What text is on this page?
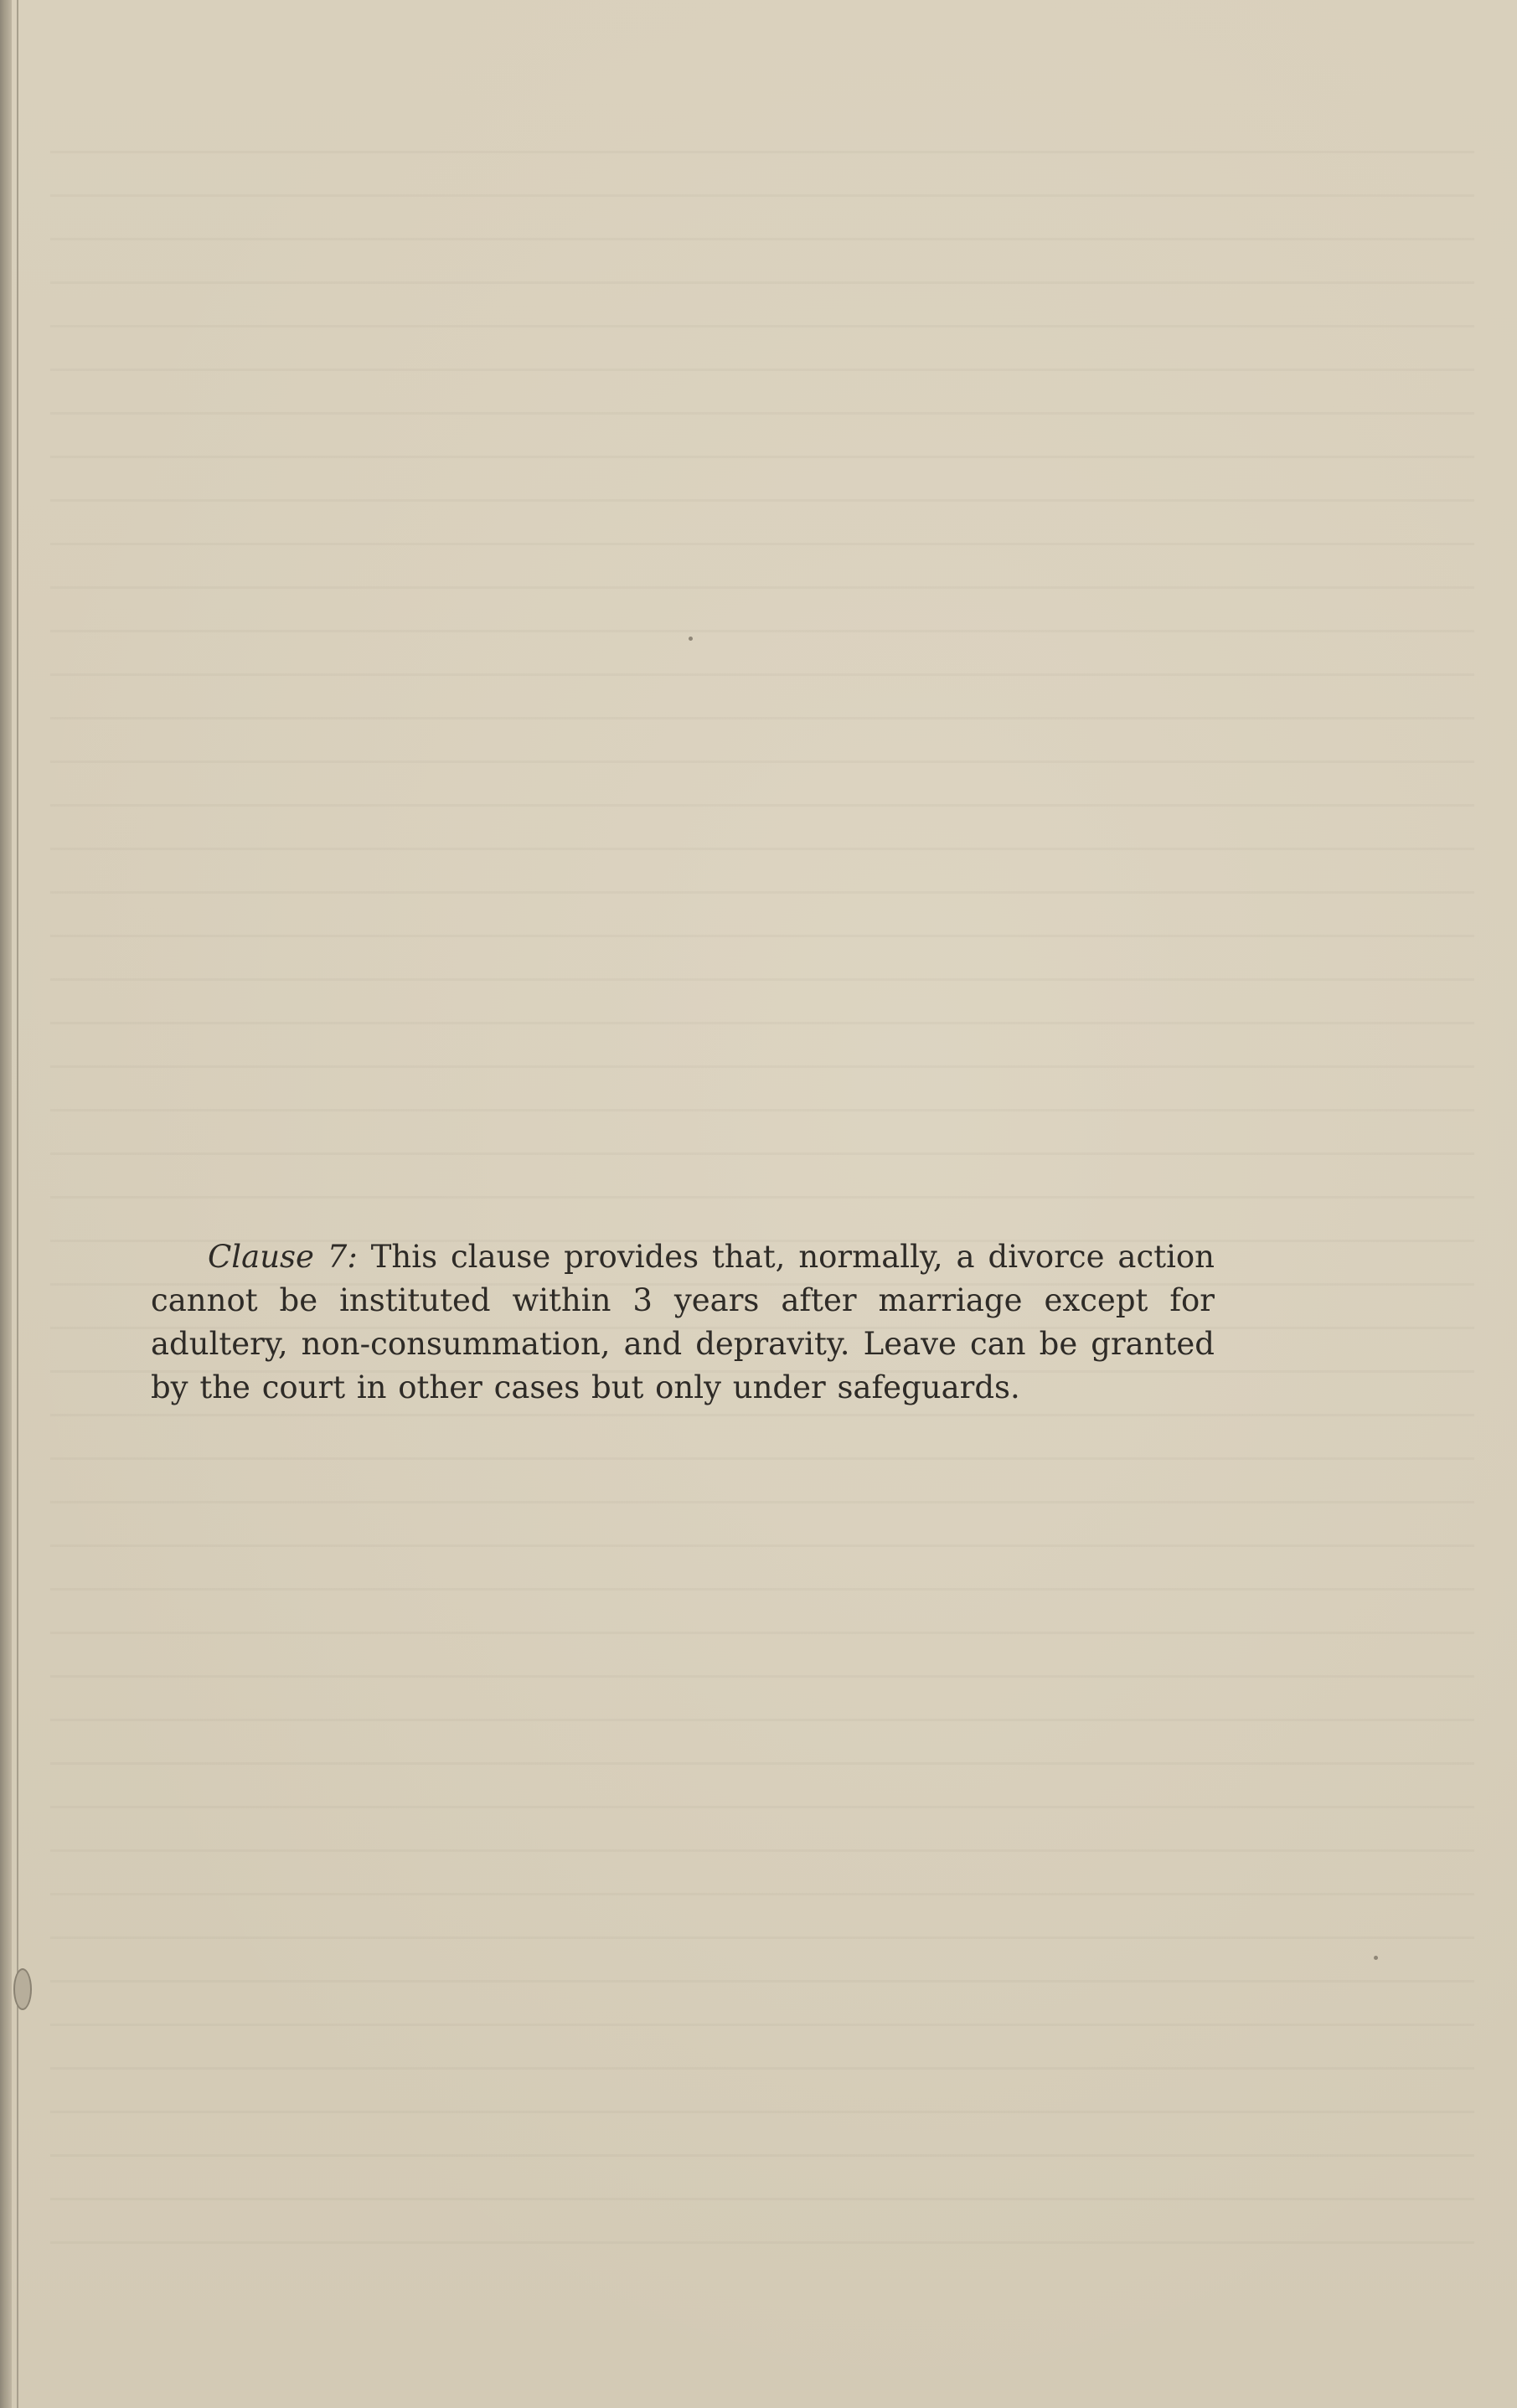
Clause 7: This clause provides that, normally, a divorce action cannot be instituted within 3 years after marriage except for adultery, non-consummation, and depravity. Leave can be granted by the court in other cases but only under safeguards.
